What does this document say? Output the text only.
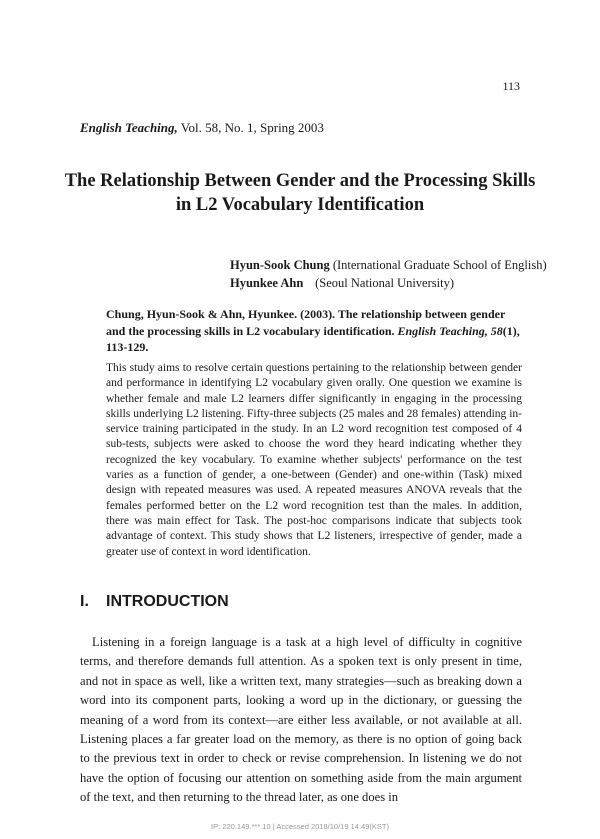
113
English Teaching, Vol. 58, No. 1, Spring 2003
The Relationship Between Gender and the Processing Skills
in L2 Vocabulary Identification
Hyun-Sook Chung (International Graduate School of English)
Hyunkee Ahn (Seoul National University)
Chung, Hyun-Sook & Ahn, Hyunkee. (2003). The relationship between gender and the processing skills in L2 vocabulary identification. English Teaching, 58(1), 113-129.

This study aims to resolve certain questions pertaining to the relationship between gender and performance in identifying L2 vocabulary given orally. One question we examine is whether female and male L2 learners differ significantly in engaging in the processing skills underlying L2 listening. Fifty-three subjects (25 males and 28 females) attending in-service training participated in the study. In an L2 word recognition test composed of 4 sub-tests, subjects were asked to choose the word they heard indicating whether they recognized the key vocabulary. To examine whether subjects' performance on the test varies as a function of gender, a one-between (Gender) and one-within (Task) mixed design with repeated measures was used. A repeated measures ANOVA reveals that the females performed better on the L2 word recognition test than the males. In addition, there was main effect for Task. The post-hoc comparisons indicate that subjects took advantage of context. This study shows that L2 listeners, irrespective of gender, made a greater use of context in word identification.

I. INTRODUCTION

Listening in a foreign language is a task at a high level of difficulty in cognitive terms, and therefore demands full attention. As a spoken text is only present in time, and not in space as well, like a written text, many strategies—such as breaking down a word into its component parts, looking a word up in the dictionary, or guessing the meaning of a word from its context—are either less available, or not available at all. Listening places a far greater load on the memory, as there is no option of going back to the previous text in order to check or revise comprehension. In listening we do not have the option of focusing our attention on something aside from the main argument of the text, and then returning to the thread later, as one does in

IP: 220.149.***.10 | Accessed 2018/10/19 14:49(KST)
